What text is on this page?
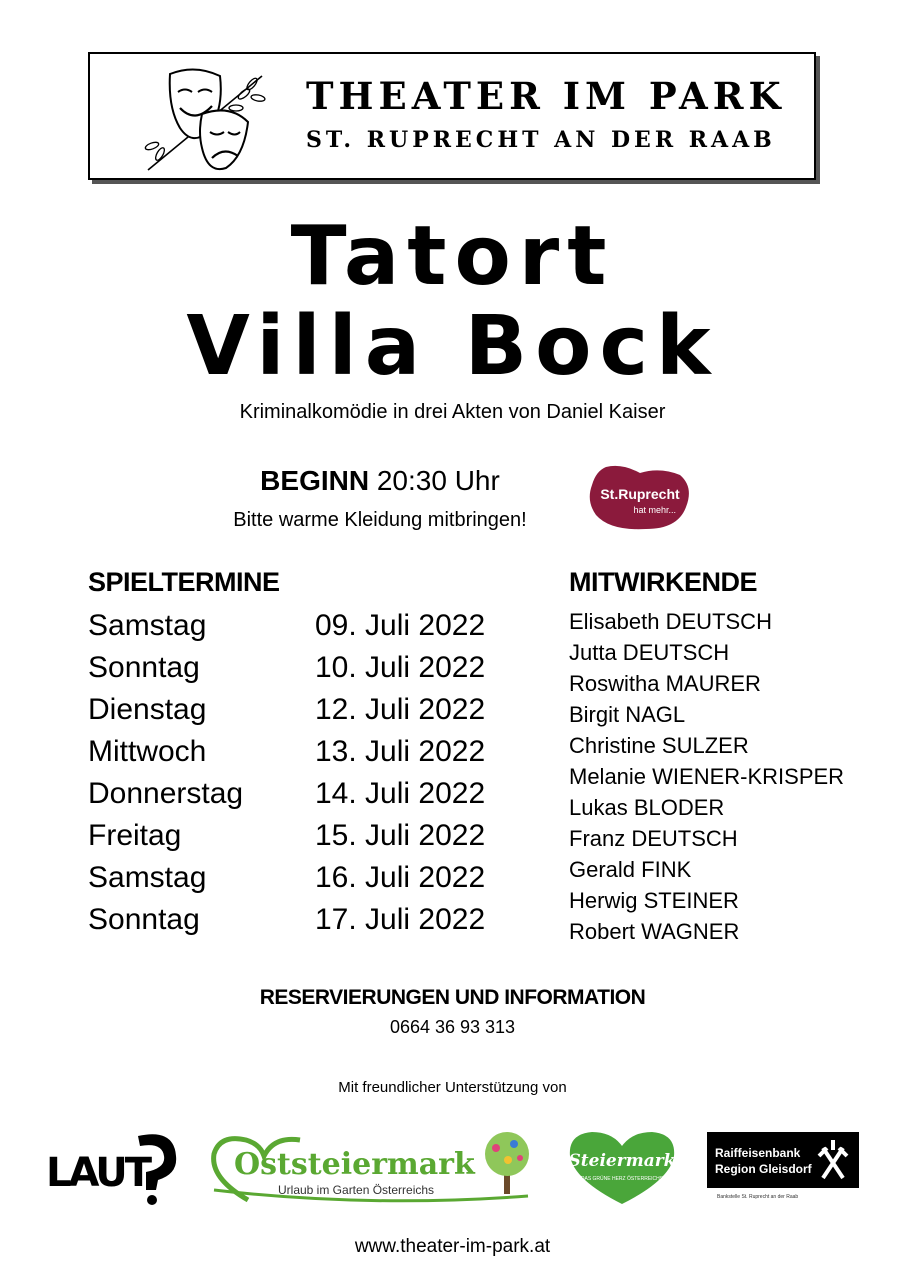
THEATER IM PARK
ST. RUPRECHT AN DER RAAB
Tatort
Villa Bock
Kriminalkomödie in drei Akten von Daniel Kaiser
BEGINN 20:30 Uhr
Bitte warme Kleidung mitbringen!
St.Ruprecht
hat mehr...
SPIELTERMINE
Samstag	09. Juli 2022
Sonntag	10. Juli 2022
Dienstag	12. Juli 2022
Mittwoch	13. Juli 2022
Donnerstag 14. Juli 2022
Freitag	15. Juli 2022
Samstag	16. Juli 2022
Sonntag	17. Juli 2022
MITWIRKENDE
Elisabeth DEUTSCH
Jutta DEUTSCH
Roswitha MAURER
Birgit NAGL
Christine SULZER
Melanie WIENER-KRISPER
Lukas BLODER
Franz DEUTSCH
Gerald FINK
Herwig STEINER
Robert WAGNER
RESERVIERUNGEN UND INFORMATION
0664 36 93 313
Mit freundlicher Unterstützung von
LAUT	Oststeiermark
Urlaub im Garten Österreichs
Steiermark
DAS GRÜNE HERZ ÖSTERREICHS
Raiffeisenbank
Region Gleisdorf
Bankstelle St. Ruprecht an der Raab
www.theater-im-park.at
